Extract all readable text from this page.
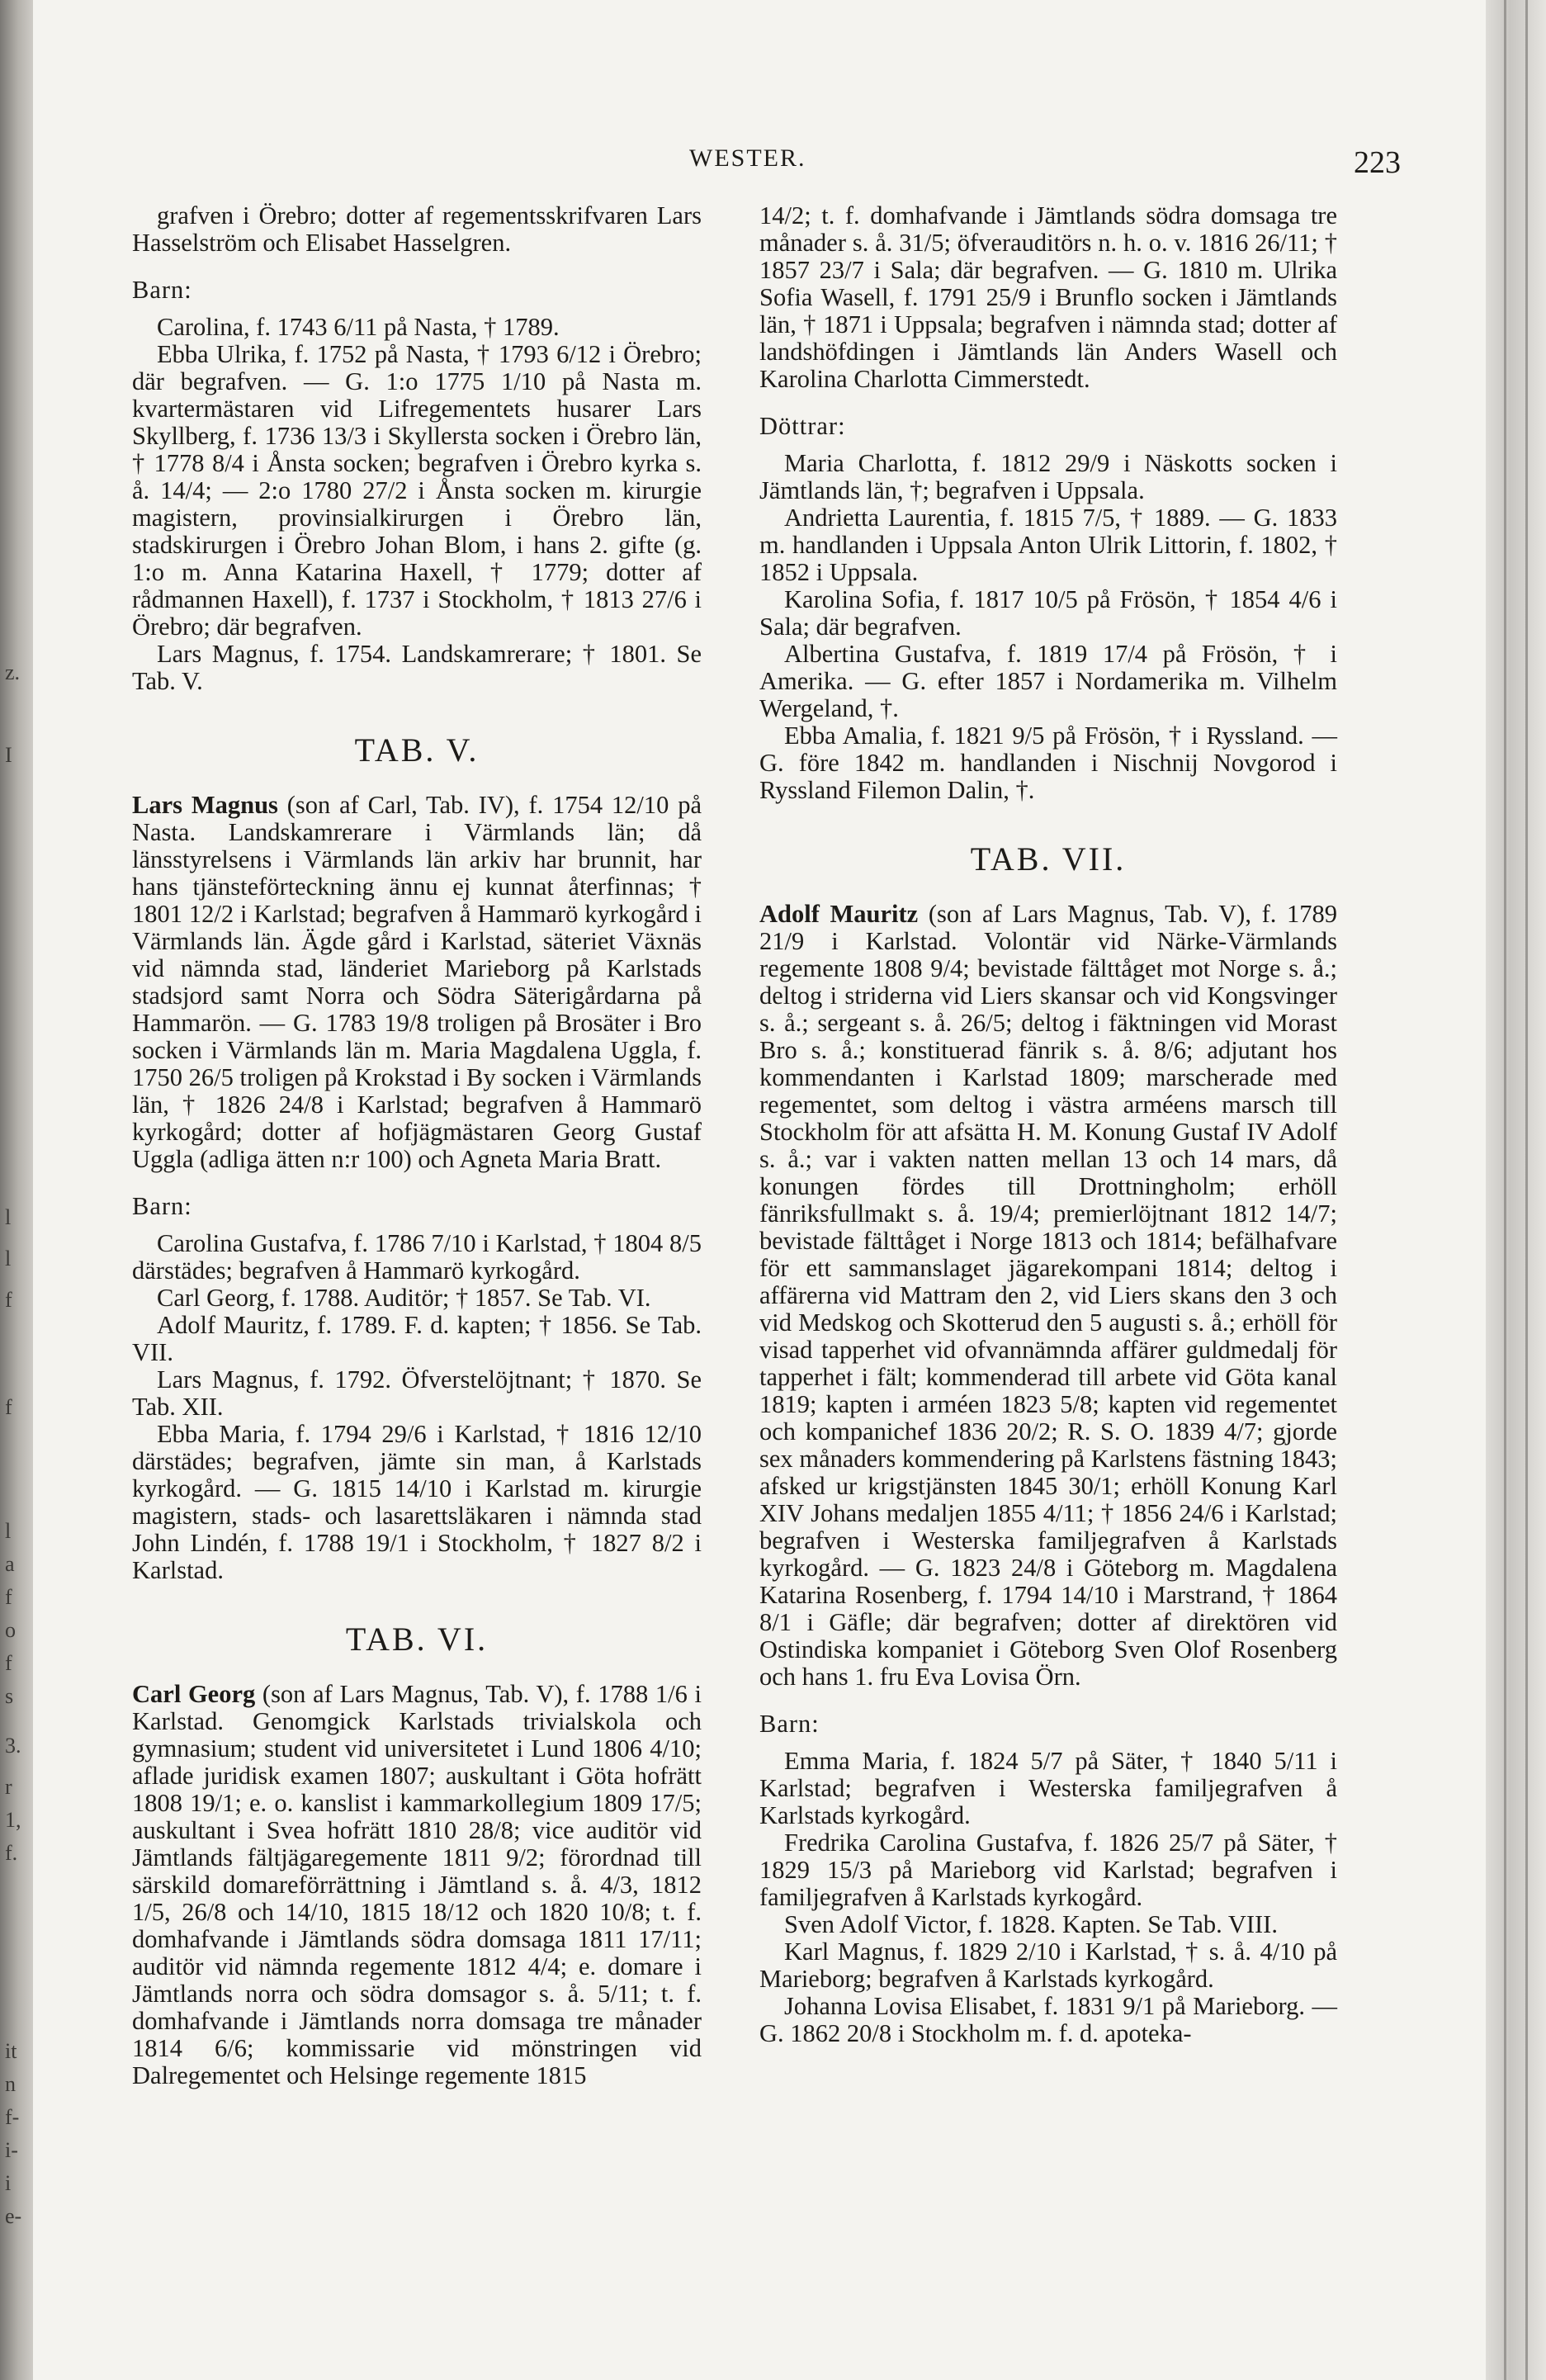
z.
I
l
l
f
f
l
a
f
o
f
s
3.
r
1,
f.
it
n
f-
i-
i
e-
WESTER.	223

grafven i Örebro; dotter af regementsskrifvaren Lars Hasselström och Elisabet Hasselgren.

Barn:

Carolina, f. 1743 6/11 på Nasta, † 1789.

Ebba Ulrika, f. 1752 på Nasta, † 1793 6/12 i Örebro; där begrafven. — G. 1:o 1775 1/10 på Nasta m. kvartermästaren vid Lifregementets husarer Lars Skyllberg, f. 1736 13/3 i Skyllersta socken i Örebro län, † 1778 8/4 i Ånsta socken; begrafven i Örebro kyrka s. å. 14/4; — 2:o 1780 27/2 i Ånsta socken m. kirurgie magistern, provinsialkirurgen i Örebro län, stadskirurgen i Örebro Johan Blom, i hans 2. gifte (g. 1:o m. Anna Katarina Haxell, † 1779; dotter af rådmannen Haxell), f. 1737 i Stockholm, † 1813 27/6 i Örebro; där begrafven.

Lars Magnus, f. 1754. Landskamrerare; † 1801. Se Tab. V.

TAB. V.

Lars Magnus (son af Carl, Tab. IV), f. 1754 12/10 på Nasta. Landskamrerare i Värmlands län; då länsstyrelsens i Värmlands län arkiv har brunnit, har hans tjänsteförteckning ännu ej kunnat återfinnas; † 1801 12/2 i Karlstad; begrafven å Hammarö kyrkogård i Värmlands län. Ägde gård i Karlstad, säteriet Växnäs vid nämnda stad, länderiet Marieborg på Karlstads stadsjord samt Norra och Södra Säterigårdarna på Hammarön. — G. 1783 19/8 troligen på Brosäter i Bro socken i Värmlands län m. Maria Magdalena Uggla, f. 1750 26/5 troligen på Krokstad i By socken i Värmlands län, † 1826 24/8 i Karlstad; begrafven å Hammarö kyrkogård; dotter af hofjägmästaren Georg Gustaf Uggla (adliga ätten n:r 100) och Agneta Maria Bratt.

Barn:

Carolina Gustafva, f. 1786 7/10 i Karlstad, † 1804 8/5 därstädes; begrafven å Hammarö kyrkogård.

Carl Georg, f. 1788. Auditör; † 1857. Se Tab. VI.

Adolf Mauritz, f. 1789. F. d. kapten; † 1856. Se Tab. VII.

Lars Magnus, f. 1792. Öfverstelöjtnant; † 1870. Se Tab. XII.

Ebba Maria, f. 1794 29/6 i Karlstad, † 1816 12/10 därstädes; begrafven, jämte sin man, å Karlstads kyrkogård. — G. 1815 14/10 i Karlstad m. kirurgie magistern, stads- och lasarettsläkaren i nämnda stad John Lindén, f. 1788 19/1 i Stockholm, † 1827 8/2 i Karlstad.

TAB. VI.

Carl Georg (son af Lars Magnus, Tab. V), f. 1788 1/6 i Karlstad. Genomgick Karlstads trivialskola och gymnasium; student vid universitetet i Lund 1806 4/10; aflade juridisk examen 1807; auskultant i Göta hofrätt 1808 19/1; e. o. kanslist i kammarkollegium 1809 17/5; auskultant i Svea hofrätt 1810 28/8; vice auditör vid Jämtlands fältjägaregemente 1811 9/2; förordnad till särskild domareförrättning i Jämtland s. å. 4/3, 1812 1/5, 26/8 och 14/10, 1815 18/12 och 1820 10/8; t. f. domhafvande i Jämtlands södra domsaga 1811 17/11; auditör vid nämnda regemente 1812 4/4; e. domare i Jämtlands norra och södra domsagor s. å. 5/11; t. f. domhafvande i Jämtlands norra domsaga tre månader 1814 6/6; kommissarie vid mönstringen vid Dalregementet och Helsinge regemente 1815

14/2; t. f. domhafvande i Jämtlands södra domsaga tre månader s. å. 31/5; öfverauditörs n. h. o. v. 1816 26/11; † 1857 23/7 i Sala; där begrafven. — G. 1810 m. Ulrika Sofia Wasell, f. 1791 25/9 i Brunflo socken i Jämtlands län, † 1871 i Uppsala; begrafven i nämnda stad; dotter af landshöfdingen i Jämtlands län Anders Wasell och Karolina Charlotta Cimmerstedt.

Döttrar:

Maria Charlotta, f. 1812 29/9 i Näskotts socken i Jämtlands län, †; begrafven i Uppsala.

Andrietta Laurentia, f. 1815 7/5, † 1889. — G. 1833 m. handlanden i Uppsala Anton Ulrik Littorin, f. 1802, † 1852 i Uppsala.

Karolina Sofia, f. 1817 10/5 på Frösön, † 1854 4/6 i Sala; där begrafven.

Albertina Gustafva, f. 1819 17/4 på Frösön, † i Amerika. — G. efter 1857 i Nordamerika m. Vilhelm Wergeland, †.

Ebba Amalia, f. 1821 9/5 på Frösön, † i Ryssland. — G. före 1842 m. handlanden i Nischnij Novgorod i Ryssland Filemon Dalin, †.

TAB. VII.

Adolf Mauritz (son af Lars Magnus, Tab. V), f. 1789 21/9 i Karlstad. Volontär vid Närke-Värmlands regemente 1808 9/4; bevistade fälttåget mot Norge s. å.; deltog i striderna vid Liers skansar och vid Kongsvinger s. å.; sergeant s. å. 26/5; deltog i fäktningen vid Morast Bro s. å.; konstituerad fänrik s. å. 8/6; adjutant hos kommendanten i Karlstad 1809; marscherade med regementet, som deltog i västra arméens marsch till Stockholm för att afsätta H. M. Konung Gustaf IV Adolf s. å.; var i vakten natten mellan 13 och 14 mars, då konungen fördes till Drottningholm; erhöll fänriksfullmakt s. å. 19/4; premierlöjtnant 1812 14/7; bevistade fälttåget i Norge 1813 och 1814; befälhafvare för ett sammanslaget jägarekompani 1814; deltog i affärerna vid Mattram den 2, vid Liers skans den 3 och vid Medskog och Skotterud den 5 augusti s. å.; erhöll för visad tapperhet vid ofvannämnda affärer guldmedalj för tapperhet i fält; kommenderad till arbete vid Göta kanal 1819; kapten i arméen 1823 5/8; kapten vid regementet och kompanichef 1836 20/2; R. S. O. 1839 4/7; gjorde sex månaders kommendering på Karlstens fästning 1843; afsked ur krigstjänsten 1845 30/1; erhöll Konung Karl XIV Johans medaljen 1855 4/11; † 1856 24/6 i Karlstad; begrafven i Westerska familjegrafven å Karlstads kyrkogård. — G. 1823 24/8 i Göteborg m. Magdalena Katarina Rosenberg, f. 1794 14/10 i Marstrand, † 1864 8/1 i Gäfle; där begrafven; dotter af direktören vid Ostindiska kompaniet i Göteborg Sven Olof Rosenberg och hans 1. fru Eva Lovisa Örn.

Barn:

Emma Maria, f. 1824 5/7 på Säter, † 1840 5/11 i Karlstad; begrafven i Westerska familjegrafven å Karlstads kyrkogård.

Fredrika Carolina Gustafva, f. 1826 25/7 på Säter, † 1829 15/3 på Marieborg vid Karlstad; begrafven i familjegrafven å Karlstads kyrkogård.

Sven Adolf Victor, f. 1828. Kapten. Se Tab. VIII.

Karl Magnus, f. 1829 2/10 i Karlstad, † s. å. 4/10 på Marieborg; begrafven å Karlstads kyrkogård.

Johanna Lovisa Elisabet, f. 1831 9/1 på Marieborg. — G. 1862 20/8 i Stockholm m. f. d. apoteka-
